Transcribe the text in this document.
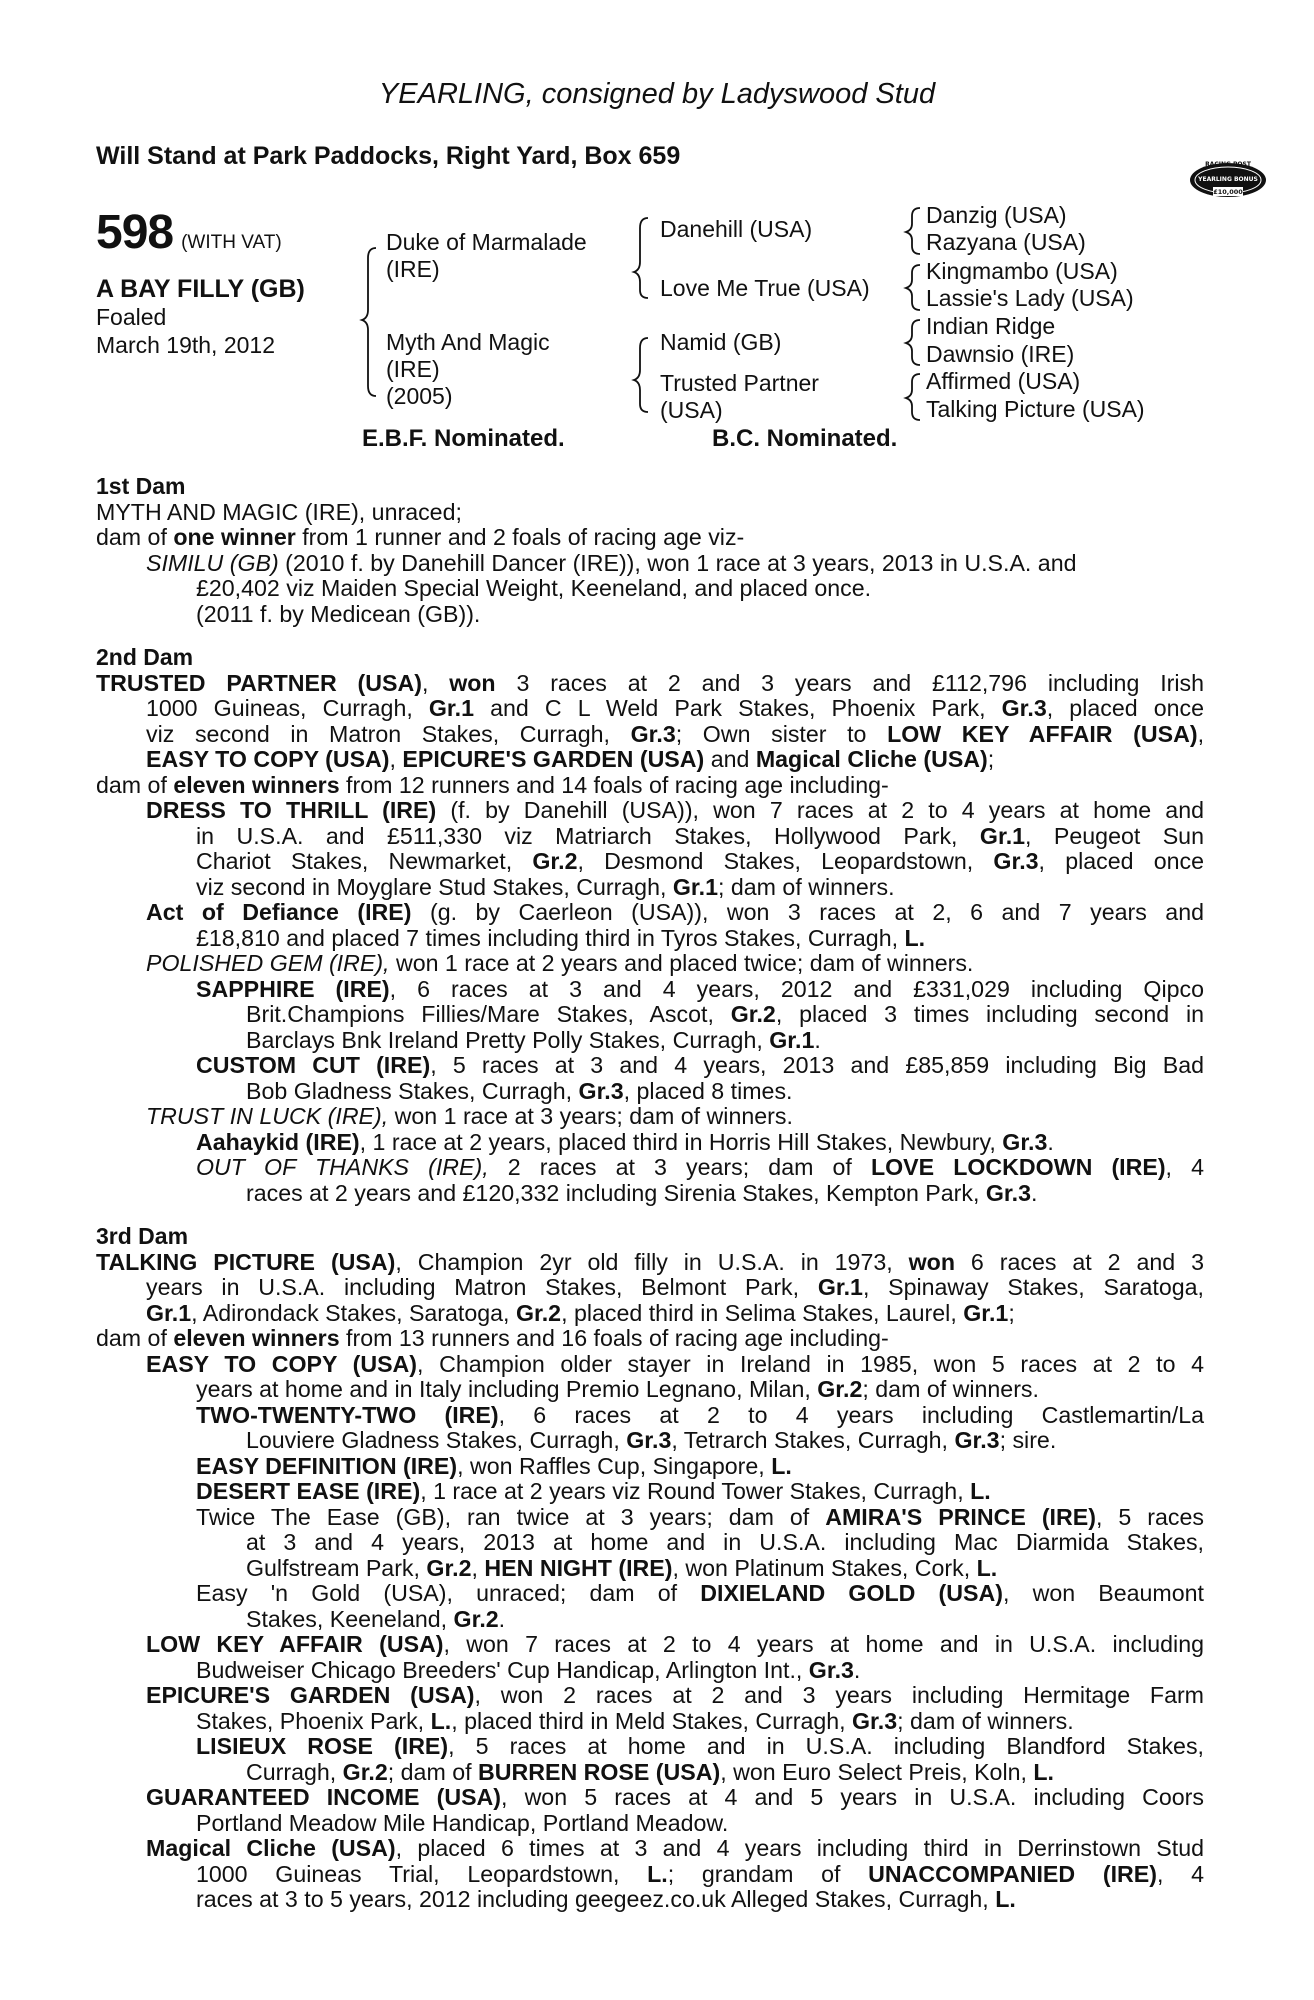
YEARLING, consigned by Ladyswood Stud
Will Stand at Park Paddocks, Right Yard, Box 659	RACING POST
YEARLING BONUS
£10,000
598 (WITH VAT)
A BAY FILLY (GB)
Foaled
March 19th, 2012
Duke of Marmalade
(IRE)
Myth And Magic
(IRE)
(2005)
Danehill (USA)
Love Me True (USA)
Namid (GB)
Trusted Partner
(USA)
Danzig (USA)
Razyana (USA)
Kingmambo (USA)
Lassie's Lady (USA)
Indian Ridge
Dawnsio (IRE)
Affirmed (USA)
Talking Picture (USA)
E.B.F. Nominated.	B.C. Nominated.
1st Dam
MYTH AND MAGIC (IRE), unraced;
dam of one winner from 1 runner and 2 foals of racing age viz-
SIMILU (GB) (2010 f. by Danehill Dancer (IRE)), won 1 race at 3 years, 2013 in U.S.A. and
£20,402 viz Maiden Special Weight, Keeneland, and placed once.
(2011 f. by Medicean (GB)).
2nd Dam
TRUSTED PARTNER (USA), won 3 races at 2 and 3 years and £112,796 including Irish
1000 Guineas, Curragh, Gr.1 and C L Weld Park Stakes, Phoenix Park, Gr.3, placed once
viz second in Matron Stakes, Curragh, Gr.3; Own sister to LOW KEY AFFAIR (USA),
EASY TO COPY (USA), EPICURE'S GARDEN (USA) and Magical Cliche (USA);
dam of eleven winners from 12 runners and 14 foals of racing age including-
DRESS TO THRILL (IRE) (f. by Danehill (USA)), won 7 races at 2 to 4 years at home and
in U.S.A. and £511,330 viz Matriarch Stakes, Hollywood Park, Gr.1, Peugeot Sun
Chariot Stakes, Newmarket, Gr.2, Desmond Stakes, Leopardstown, Gr.3, placed once
viz second in Moyglare Stud Stakes, Curragh, Gr.1; dam of winners.
Act of Defiance (IRE) (g. by Caerleon (USA)), won 3 races at 2, 6 and 7 years and
£18,810 and placed 7 times including third in Tyros Stakes, Curragh, L.
POLISHED GEM (IRE), won 1 race at 2 years and placed twice; dam of winners.
SAPPHIRE (IRE), 6 races at 3 and 4 years, 2012 and £331,029 including Qipco
Brit.Champions Fillies/Mare Stakes, Ascot, Gr.2, placed 3 times including second in
Barclays Bnk Ireland Pretty Polly Stakes, Curragh, Gr.1.
CUSTOM CUT (IRE), 5 races at 3 and 4 years, 2013 and £85,859 including Big Bad
Bob Gladness Stakes, Curragh, Gr.3, placed 8 times.
TRUST IN LUCK (IRE), won 1 race at 3 years; dam of winners.
Aahaykid (IRE), 1 race at 2 years, placed third in Horris Hill Stakes, Newbury, Gr.3.
OUT OF THANKS (IRE), 2 races at 3 years; dam of LOVE LOCKDOWN (IRE), 4
races at 2 years and £120,332 including Sirenia Stakes, Kempton Park, Gr.3.
3rd Dam
TALKING PICTURE (USA), Champion 2yr old filly in U.S.A. in 1973, won 6 races at 2 and 3
years in U.S.A. including Matron Stakes, Belmont Park, Gr.1, Spinaway Stakes, Saratoga,
Gr.1, Adirondack Stakes, Saratoga, Gr.2, placed third in Selima Stakes, Laurel, Gr.1;
dam of eleven winners from 13 runners and 16 foals of racing age including-
EASY TO COPY (USA), Champion older stayer in Ireland in 1985, won 5 races at 2 to 4
years at home and in Italy including Premio Legnano, Milan, Gr.2; dam of winners.
TWO-TWENTY-TWO (IRE), 6 races at 2 to 4 years including Castlemartin/La
Louviere Gladness Stakes, Curragh, Gr.3, Tetrarch Stakes, Curragh, Gr.3; sire.
EASY DEFINITION (IRE), won Raffles Cup, Singapore, L.
DESERT EASE (IRE), 1 race at 2 years viz Round Tower Stakes, Curragh, L.
Twice The Ease (GB), ran twice at 3 years; dam of AMIRA'S PRINCE (IRE), 5 races
at 3 and 4 years, 2013 at home and in U.S.A. including Mac Diarmida Stakes,
Gulfstream Park, Gr.2, HEN NIGHT (IRE), won Platinum Stakes, Cork, L.
Easy 'n Gold (USA), unraced; dam of DIXIELAND GOLD (USA), won Beaumont
Stakes, Keeneland, Gr.2.
LOW KEY AFFAIR (USA), won 7 races at 2 to 4 years at home and in U.S.A. including
Budweiser Chicago Breeders' Cup Handicap, Arlington Int., Gr.3.
EPICURE'S GARDEN (USA), won 2 races at 2 and 3 years including Hermitage Farm
Stakes, Phoenix Park, L., placed third in Meld Stakes, Curragh, Gr.3; dam of winners.
LISIEUX ROSE (IRE), 5 races at home and in U.S.A. including Blandford Stakes,
Curragh, Gr.2; dam of BURREN ROSE (USA), won Euro Select Preis, Koln, L.
GUARANTEED INCOME (USA), won 5 races at 4 and 5 years in U.S.A. including Coors
Portland Meadow Mile Handicap, Portland Meadow.
Magical Cliche (USA), placed 6 times at 3 and 4 years including third in Derrinstown Stud
1000 Guineas Trial, Leopardstown, L.; grandam of UNACCOMPANIED (IRE), 4
races at 3 to 5 years, 2012 including geegeez.co.uk Alleged Stakes, Curragh, L.
